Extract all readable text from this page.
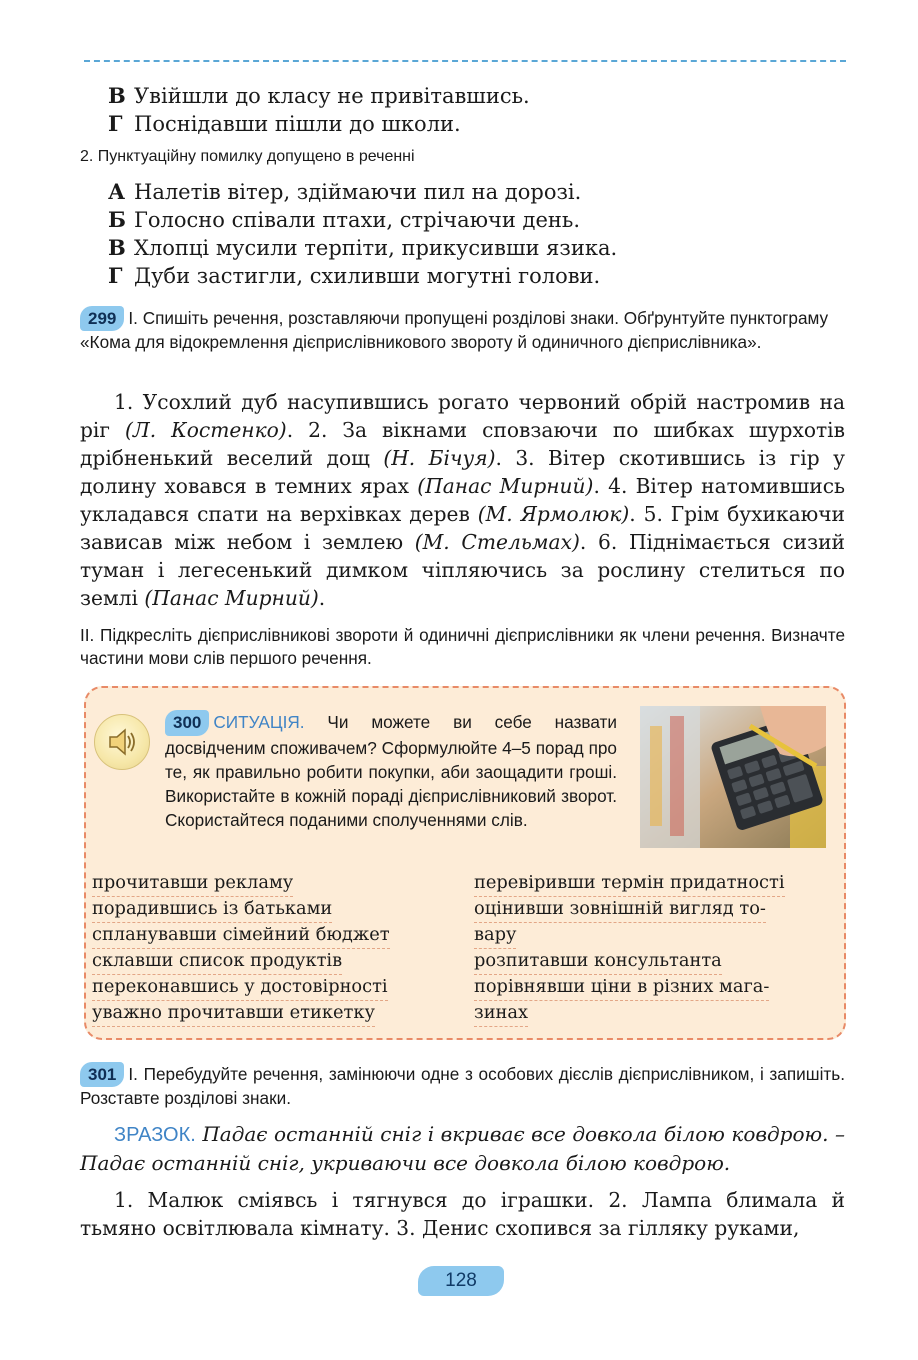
В Увійшли до класу не привітавшись.
Г Поснідавши пішли до школи.
2. Пунктуаційну помилку допущено в реченні
А Налетів вітер, здіймаючи пил на дорозі.
Б Голосно співали птахи, стрічаючи день.
В Хлопці мусили терпіти, прикусивши язика.
Г Дуби застигли, схиливши могутні голови.

299 I. Спишіть речення, розставляючи пропущені розділові знаки. Обґрунтуйте пунктограму «Кома для відокремлення дієприслівникового звороту й одиничного дієприслівника».

1. Усохлий дуб насупившись рогато червоний обрій настромив на ріг (Л. Костенко). 2. За вікнами сповзаючи по шибках шурхотів дрібненький веселий дощ (Н. Бічуя). 3. Вітер скотившись із гір у долину ховався в темних ярах (Панас Мирний). 4. Вітер натомившись укладався спати на верхівках дерев (М. Ярмолюк). 5. Грім бухикаючи зависав між небом і землею (М. Стельмах). 6. Піднімається сизий туман і легесенький димком чіпляючись за рослину стелиться по землі (Панас Мирний).

II. Підкресліть дієприслівникові звороти й одиничні дієприслівники як члени речення. Визначте частини мови слів першого речення.
300 СИТУАЦІЯ. Чи можете ви себе назвати досвідченим споживачем? Сформулюйте 4–5 порад про те, як правильно робити покупки, аби заощадити гроші. Використайте в кожній пораді дієприслівниковий зворот. Скористайтеся поданими сполученнями слів.
прочитавши рекламу
порадившись із батьками
спланувавши сімейний бюджет
склавши список продуктів
переконавшись у достовірності
уважно прочитавши етикетку
перевіривши термін придатності
оцінивши зовнішній вигляд то-
вару
розпитавши консультанта
порівнявши ціни в різних мага-
зинах
301 I. Перебудуйте речення, замінюючи одне з особових дієслів дієприслівником, і запишіть. Розставте розділові знаки.

ЗРАЗОК. Падає останній сніг і вкриває все довкола білою ковдрою. – Падає останній сніг, укриваючи все довкола білою ковдрою.

1. Малюк сміявсь і тягнувся до іграшки. 2. Лампа блимала й тьмяно освітлювала кімнату. 3. Денис схопився за гілляку руками,

128
